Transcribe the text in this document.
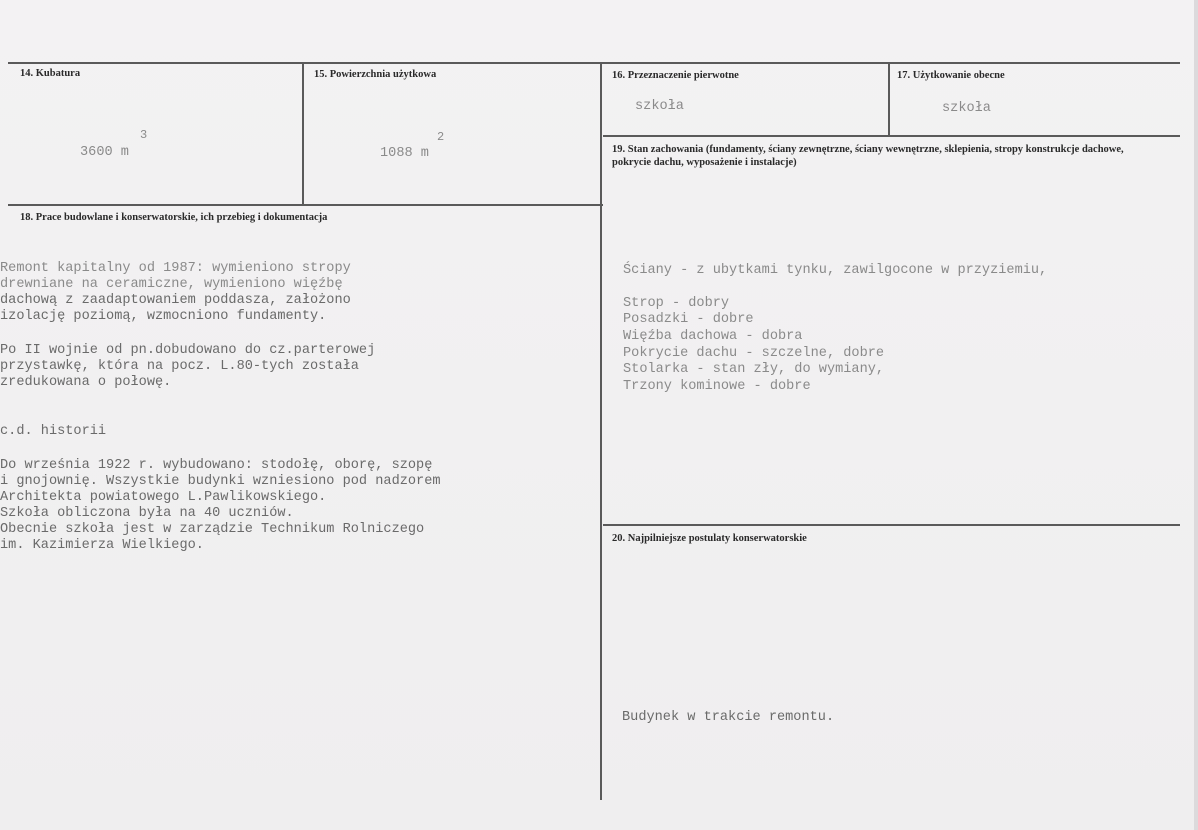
14. Kubatura
3
3600 m
15. Powierzchnia użytkowa
2
1088 m
16. Przeznaczenie pierwotne
szkoła
17. Użytkowanie obecne
szkoła
18. Prace budowlane i konserwatorskie, ich przebieg i dokumentacja
Remont kapitalny od 1987: wymieniono stropy
drewniane na ceramiczne, wymieniono więźbę
dachową z zaadaptowaniem poddasza, założono
izolację poziomą, wzmocniono fundamenty.
Po II wojnie od pn.dobudowano do cz.parterowej
przystawkę, która na pocz. L.80-tych została
zredukowana o połowę.
c.d. historii
Do września 1922 r. wybudowano: stodołę, oborę, szopę
i gnojownię. Wszystkie budynki wzniesiono pod nadzorem
Architekta powiatowego L.Pawlikowskiego.
Szkoła obliczona była na 40 uczniów.
Obecnie szkoła jest w zarządzie Technikum Rolniczego
im. Kazimierza Wielkiego.
19. Stan zachowania (fundamenty, ściany zewnętrzne, ściany wewnętrzne, sklepienia, stropy konstrukcje dachowe, pokrycie dachu, wyposażenie i instalacje)
Ściany - z ubytkami tynku, zawilgocone w przyziemiu,
Strop - dobry
Posadzki - dobre
Więźba dachowa - dobra
Pokrycie dachu - szczelne, dobre
Stolarka - stan zły, do wymiany,
Trzony kominowe - dobre
20. Najpilniejsze postulaty konserwatorskie
Budynek w trakcie remontu.
